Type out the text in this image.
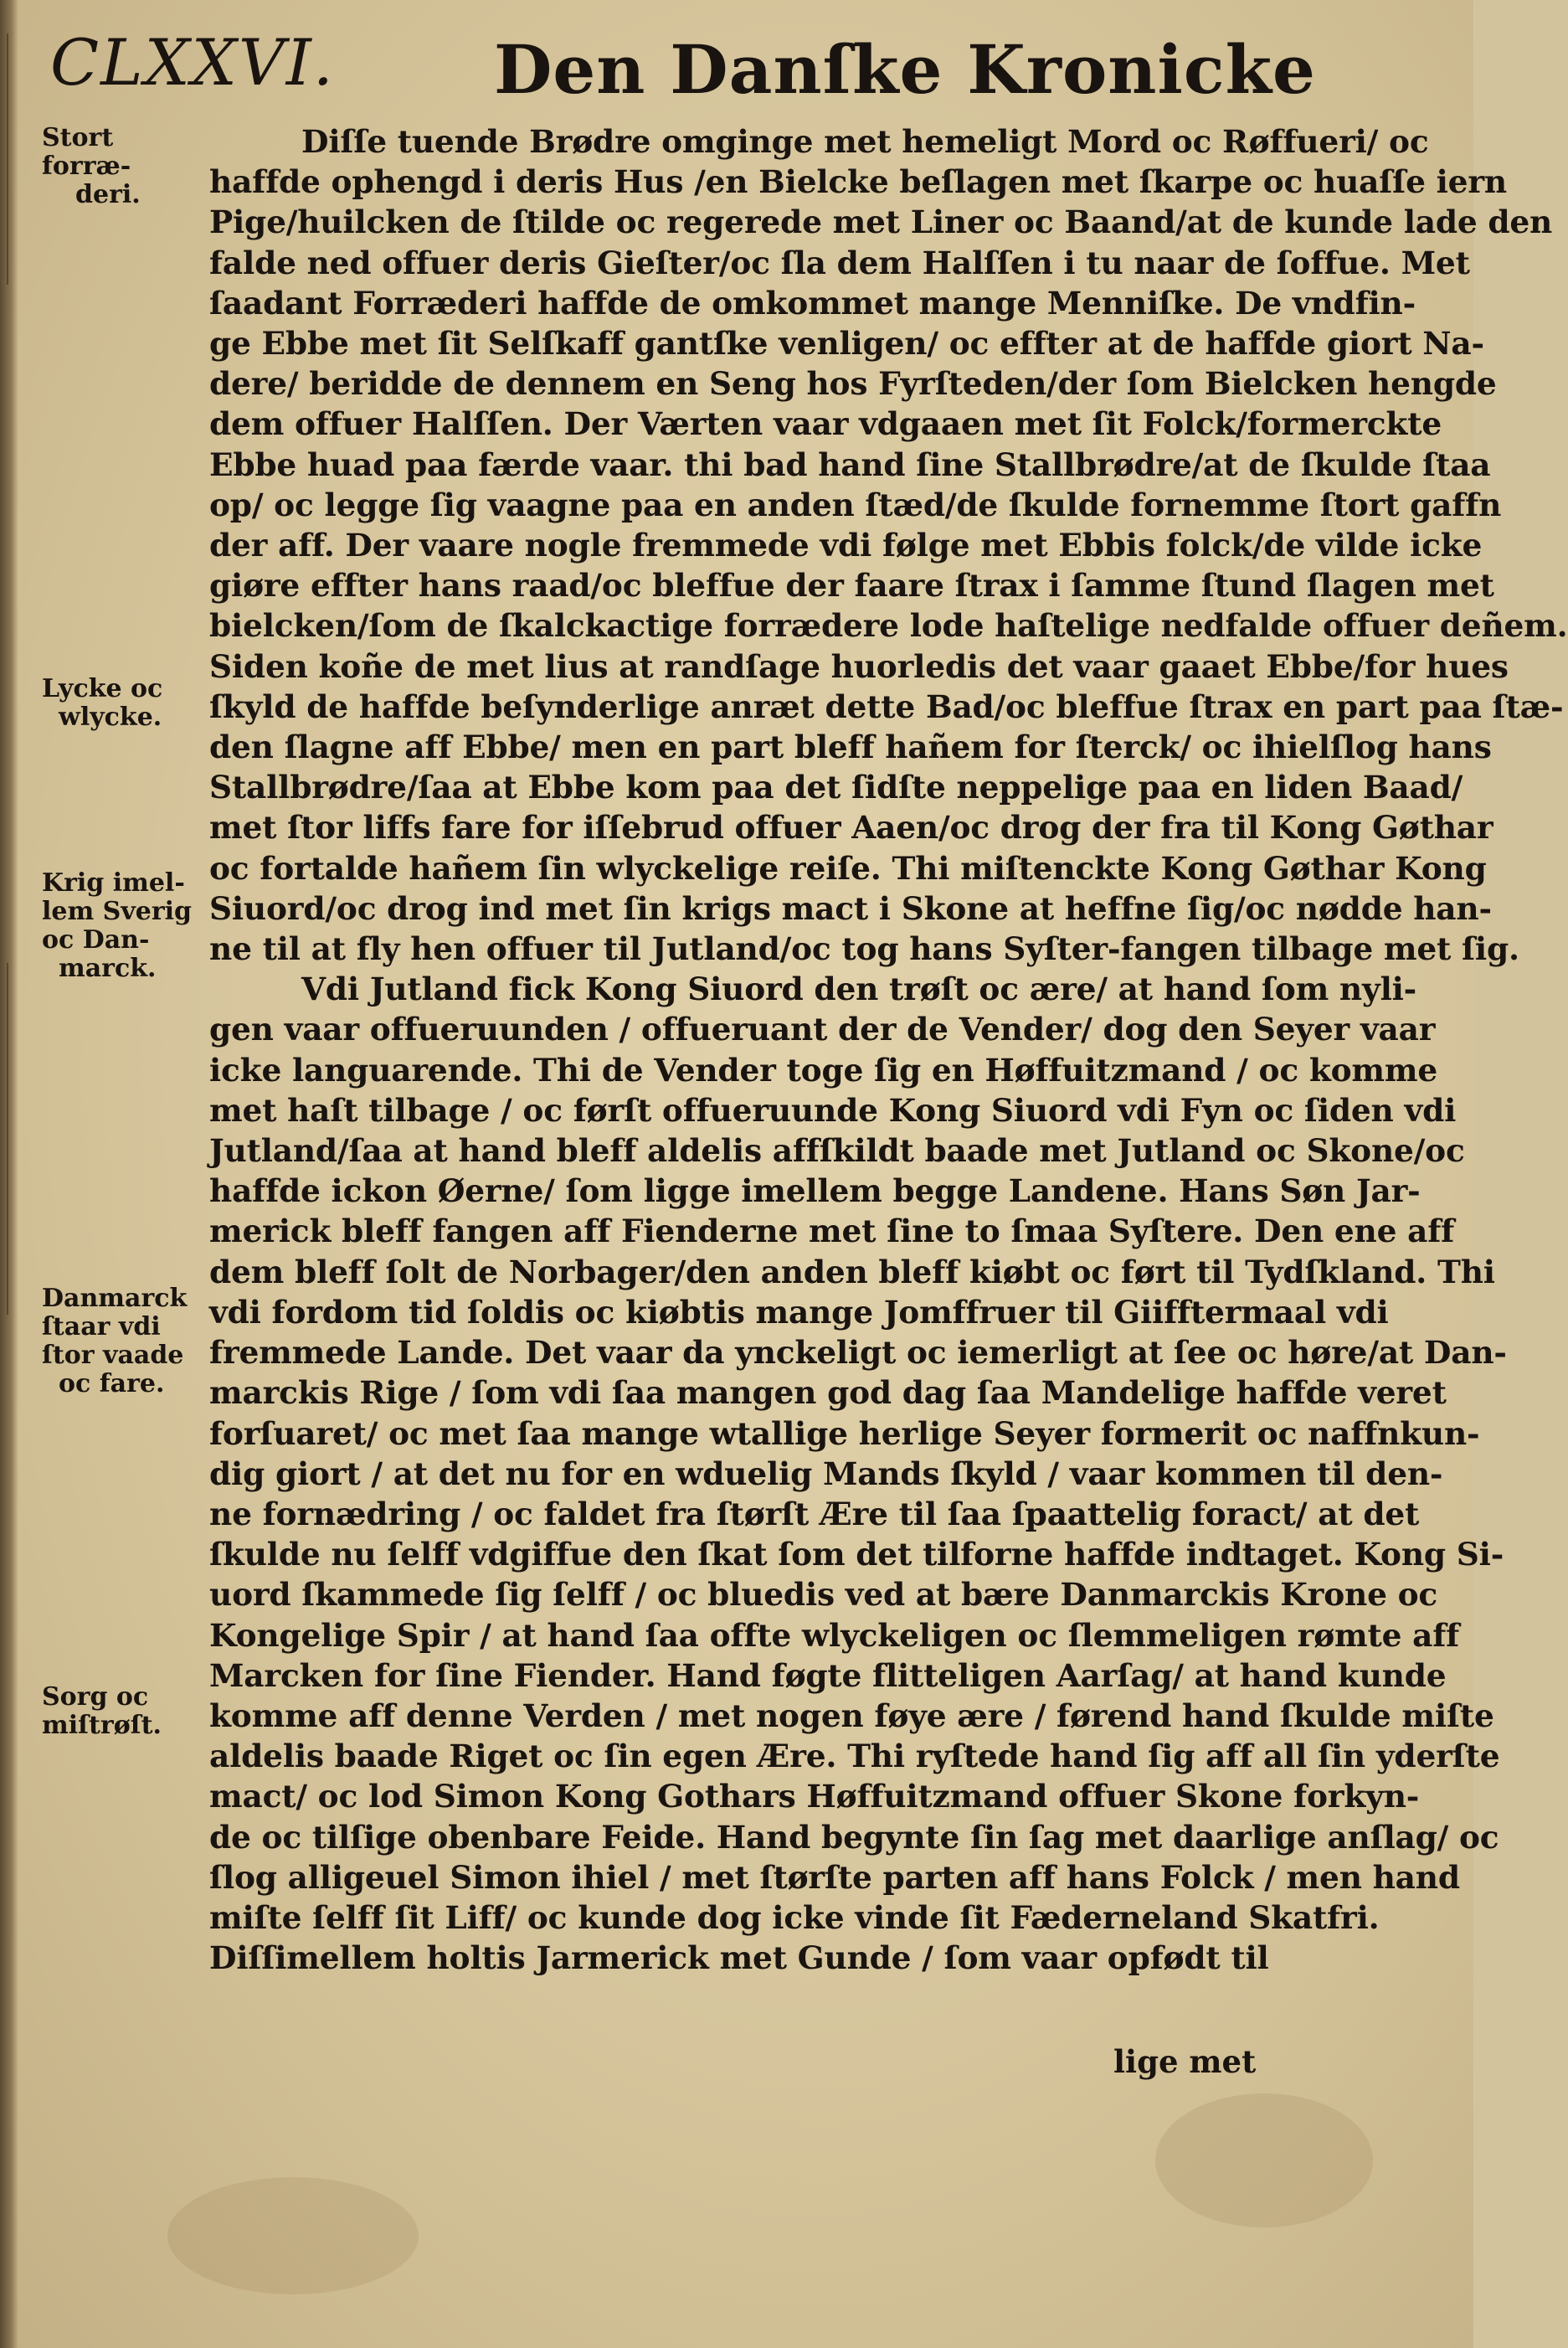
CLXXVI. Den Danſke Kronicke
Stort forræ-
deri.
Lycke oc
wlycke.
Krig imel-
lem Sverig
oc Dan-
marck.
Danmarck
ſtaar vdi
ſtor vaade
oc fare.
Sorg oc
miſtrøſt.
Diſſe tuende Brødre omginge met hemeligt Mord oc Røffueri/ oc
haffde ophengd i deris Hus /en Bielcke beſlagen met ſkarpe oc huaſſe iern
Pige/huilcken de ſtilde oc regerede met Liner oc Baand/at de kunde lade den
falde ned offuer deris Gieſter/oc ſla dem Halſſen i tu naar de ſoffue. Met
ſaadant Forræderi haffde de omkommet mange Menniſke. De vndfin-
ge Ebbe met ſit Selſkaff gantſke venligen/ oc effter at de haffde giort Na-
dere/ beridde de dennem en Seng hos Fyrſteden/der ſom Bielcken hengde
dem offuer Halſſen. Der Værten vaar vdgaaen met ſit Folck/formerckte
Ebbe huad paa færde vaar. thi bad hand ſine Stallbrødre/at de ſkulde ſtaa
op/ oc legge ſig vaagne paa en anden ſtæd/de ſkulde fornemme ſtort gaffn
der aff. Der vaare nogle fremmede vdi følge met Ebbis folck/de vilde icke
giøre effter hans raad/oc bleffue der faare ſtrax i ſamme ſtund ſlagen met
bielcken/ſom de ſkalckactige forrædere lode haſtelige nedfalde offuer deñem.
Siden koñe de met lius at randſage huorledis det vaar gaaet Ebbe/for hues
ſkyld de haffde beſynderlige anræt dette Bad/oc bleffue ſtrax en part paa ſtæ-
den ſlagne aff Ebbe/ men en part bleff hañem for ſterck/ oc ihielſlog hans
Stallbrødre/ſaa at Ebbe kom paa det ſidſte neppelige paa en liden Baad/
met ſtor liffs fare for iſſebrud offuer Aaen/oc drog der fra til Kong Gøthar
oc fortalde hañem ſin wlyckelige reiſe. Thi miſtenckte Kong Gøthar Kong
Siuord/oc drog ind met ſin krigs mact i Skone at heffne ſig/oc nødde han-
ne til at fly hen offuer til Jutland/oc tog hans Syſter-fangen tilbage met ſig.
Vdi Jutland fick Kong Siuord den trøſt oc ære/ at hand ſom nyli-
gen vaar offueruunden / offueruant der de Vender/ dog den Seyer vaar
icke languarende. Thi de Vender toge ſig en Høffuitzmand / oc komme
met haſt tilbage / oc førſt offueruunde Kong Siuord vdi Fyn oc ſiden vdi
Jutland/ſaa at hand bleff aldelis affſkildt baade met Jutland oc Skone/oc
haffde ickon Øerne/ ſom ligge imellem begge Landene. Hans Søn Jar-
merick bleff fangen aff Fienderne met ſine to ſmaa Syſtere. Den ene aff
dem bleff ſolt de Norbager/den anden bleff kiøbt oc ført til Tydſkland. Thi
vdi fordom tid ſoldis oc kiøbtis mange Jomffruer til Giifftermaal vdi
fremmede Lande. Det vaar da ynckeligt oc iemerligt at ſee oc høre/at Dan-
marckis Rige / ſom vdi ſaa mangen god dag ſaa Mandelige haffde veret
forſuaret/ oc met ſaa mange wtallige herlige Seyer formerit oc naffnkun-
dig giort / at det nu for en wduelig Mands ſkyld / vaar kommen til den-
ne fornædring / oc faldet fra ſtørſt Ære til ſaa ſpaattelig foract/ at det
ſkulde nu ſelff vdgiffue den ſkat ſom det tilforne haffde indtaget. Kong Si-
uord ſkammede ſig ſelff / oc bluedis ved at bære Danmarckis Krone oc
Kongelige Spir / at hand ſaa offte wlyckeligen oc ſlemmeligen rømte aff
Marcken for ſine Fiender. Hand føgte flitteligen Aarſag/ at hand kunde
komme aff denne Verden / met nogen føye ære / førend hand ſkulde miſte
aldelis baade Riget oc ſin egen Ære. Thi ryſtede hand ſig aff all ſin yderſte
mact/ oc lod Simon Kong Gothars Høffuitzmand offuer Skone forkyn-
de oc tilſige obenbare Feide. Hand begynte ſin ſag met daarlige anſlag/ oc
ſlog alligeuel Simon ihiel / met ſtørſte parten aff hans Folck / men hand
miſte ſelff ſit Liff/ oc kunde dog icke vinde ſit Fæderneland Skatfri.
Diſſimellem holtis Jarmerick met Gunde / ſom vaar opfødt til
lige met
